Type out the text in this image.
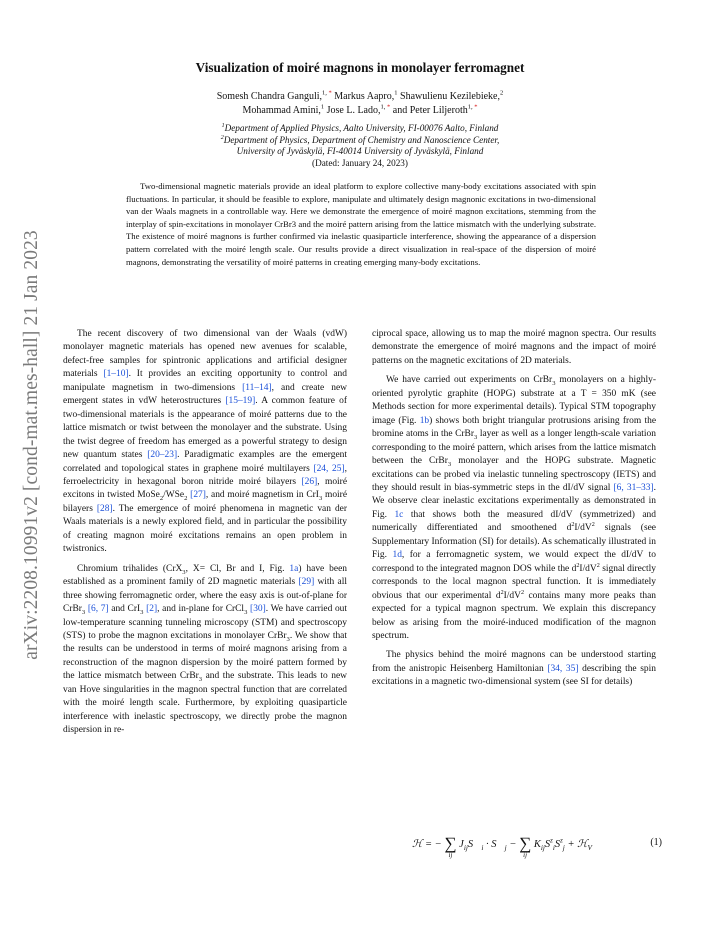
arXiv:2208.10991v2 [cond-mat.mes-hall] 21 Jan 2023
Visualization of moiré magnons in monolayer ferromagnet
Somesh Chandra Ganguli,$^{1,}$ * Markus Aapro,$^1$ Shawulienu Kezilebieke,$^2$
Mohammad Amini,$^1$ Jose L. Lado,$^{1,}$ * and Peter Liljeroth$^{1,}$ *
$^1$Department of Applied Physics, Aalto University, FI-00076 Aalto, Finland
$^2$Department of Physics, Department of Chemistry and Nanoscience Center,
University of Jyväskylä, FI-40014 University of Jyväskylä, Finland
(Dated: January 24, 2023)
Two-dimensional magnetic materials provide an ideal platform to explore collective many-body excitations associated with spin fluctuations. In particular, it should be feasible to explore, manipulate and ultimately design magnonic excitations in two-dimensional van der Waals magnets in a controllable way. Here we demonstrate the emergence of moiré magnon excitations, stemming from the interplay of spin-excitations in monolayer CrBr3 and the moiré pattern arising from the lattice mismatch with the underlying substrate. The existence of moiré magnons is further confirmed via inelastic quasiparticle interference, showing the appearance of a dispersion pattern correlated with the moiré length scale. Our results provide a direct visualization in real-space of the dispersion of moiré magnons, demonstrating the versatility of moiré patterns in creating emerging many-body excitations.

The recent discovery of two dimensional van der Waals (vdW) monolayer magnetic materials has opened new avenues for scalable, defect-free samples for spintronic applications and artificial designer materials [1–10]. It provides an exciting opportunity to control and manipulate magnetism in two-dimensions [11–14], and create new emergent states in vdW heterostructures [15–19]. A common feature of two-dimensional materials is the appearance of moiré patterns due to the lattice mismatch or twist between the monolayer and the substrate. Using the twist degree of freedom has emerged as a powerful strategy to design new quantum states [20–23]. Paradigmatic examples are the emergent correlated and topological states in graphene moiré multilayers [24, 25], ferroelectricity in hexagonal boron nitride moiré bilayers [26], moiré excitons in twisted MoSe$_2$/WSe$_2$ [27], and moiré magnetism in CrI$_3$ moiré bilayers [28]. The emergence of moiré phenomena in magnetic van der Waals materials is a newly explored field, and in particular the possibility of creating magnon moiré excitations remains an open problem in twistronics.

Chromium trihalides (CrX$_3$, X= Cl, Br and I, Fig. 1a) have been established as a prominent family of 2D magnetic materials [29] with all three showing ferromagnetic order, where the easy axis is out-of-plane for CrBr$_3$ [6, 7] and CrI$_3$ [2], and in-plane for CrCl$_3$ [30]. We have carried out low-temperature scanning tunneling microscopy (STM) and spectroscopy (STS) to probe the magnon excitations in monolayer CrBr$_3$. We show that the results can be understood in terms of moiré magnons arising from a reconstruction of the magnon dispersion by the moiré pattern formed by the lattice mismatch between CrBr$_3$ and the substrate. This leads to new van Hove singularities in the magnon spectral function that are correlated with the moiré length scale. Furthermore, by exploiting quasiparticle interference with inelastic spectroscopy, we directly probe the magnon dispersion in re-

ciprocal space, allowing us to map the moiré magnon spectra. Our results demonstrate the emergence of moiré magnons and the impact of moiré patterns on the magnetic excitations of 2D materials.

We have carried out experiments on CrBr$_3$ monolayers on a highly-oriented pyrolytic graphite (HOPG) substrate at a T = 350 mK (see Methods section for more experimental details). Typical STM topography image (Fig. 1b) shows both bright triangular protrusions arising from the bromine atoms in the CrBr$_3$ layer as well as a longer length-scale variation corresponding to the moiré pattern, which arises from the lattice mismatch between the CrBr$_3$ monolayer and the HOPG substrate. Magnetic excitations can be probed via inelastic tunneling spectroscopy (IETS) and they should result in bias-symmetric steps in the dI/dV signal [6, 31–33]. We observe clear inelastic excitations experimentally as demonstrated in Fig. 1c that shows both the measured dI/dV (symmetrized) and numerically differentiated and smoothened $d^2I/dV^2$ signals (see Supplementary Information (SI) for details). As schematically illustrated in Fig. 1d, for a ferromagnetic system, we would expect the dI/dV to correspond to the integrated magnon DOS while the $d^2I/dV^2$ signal directly corresponds to the local magnon spectral function. It is immediately obvious that our experimental $d^2I/dV^2$ contains many more peaks than expected for a typical magnon spectrum. We explain this discrepancy below as arising from the moiré-induced modification of the magnon spectrum.

The physics behind the moiré magnons can be understood starting from the anistropic Heisenberg Hamiltonian [34, 35] describing the spin excitations in a magnetic two-dimensional system (see SI for details)

ℋ = − ∑
ij
$J_{ij}S⃗_i$ · $S⃗_j$ − ∑
ij
$K_{ij}S^z_iS^z_j$ + ℋ$_V$	(1)
